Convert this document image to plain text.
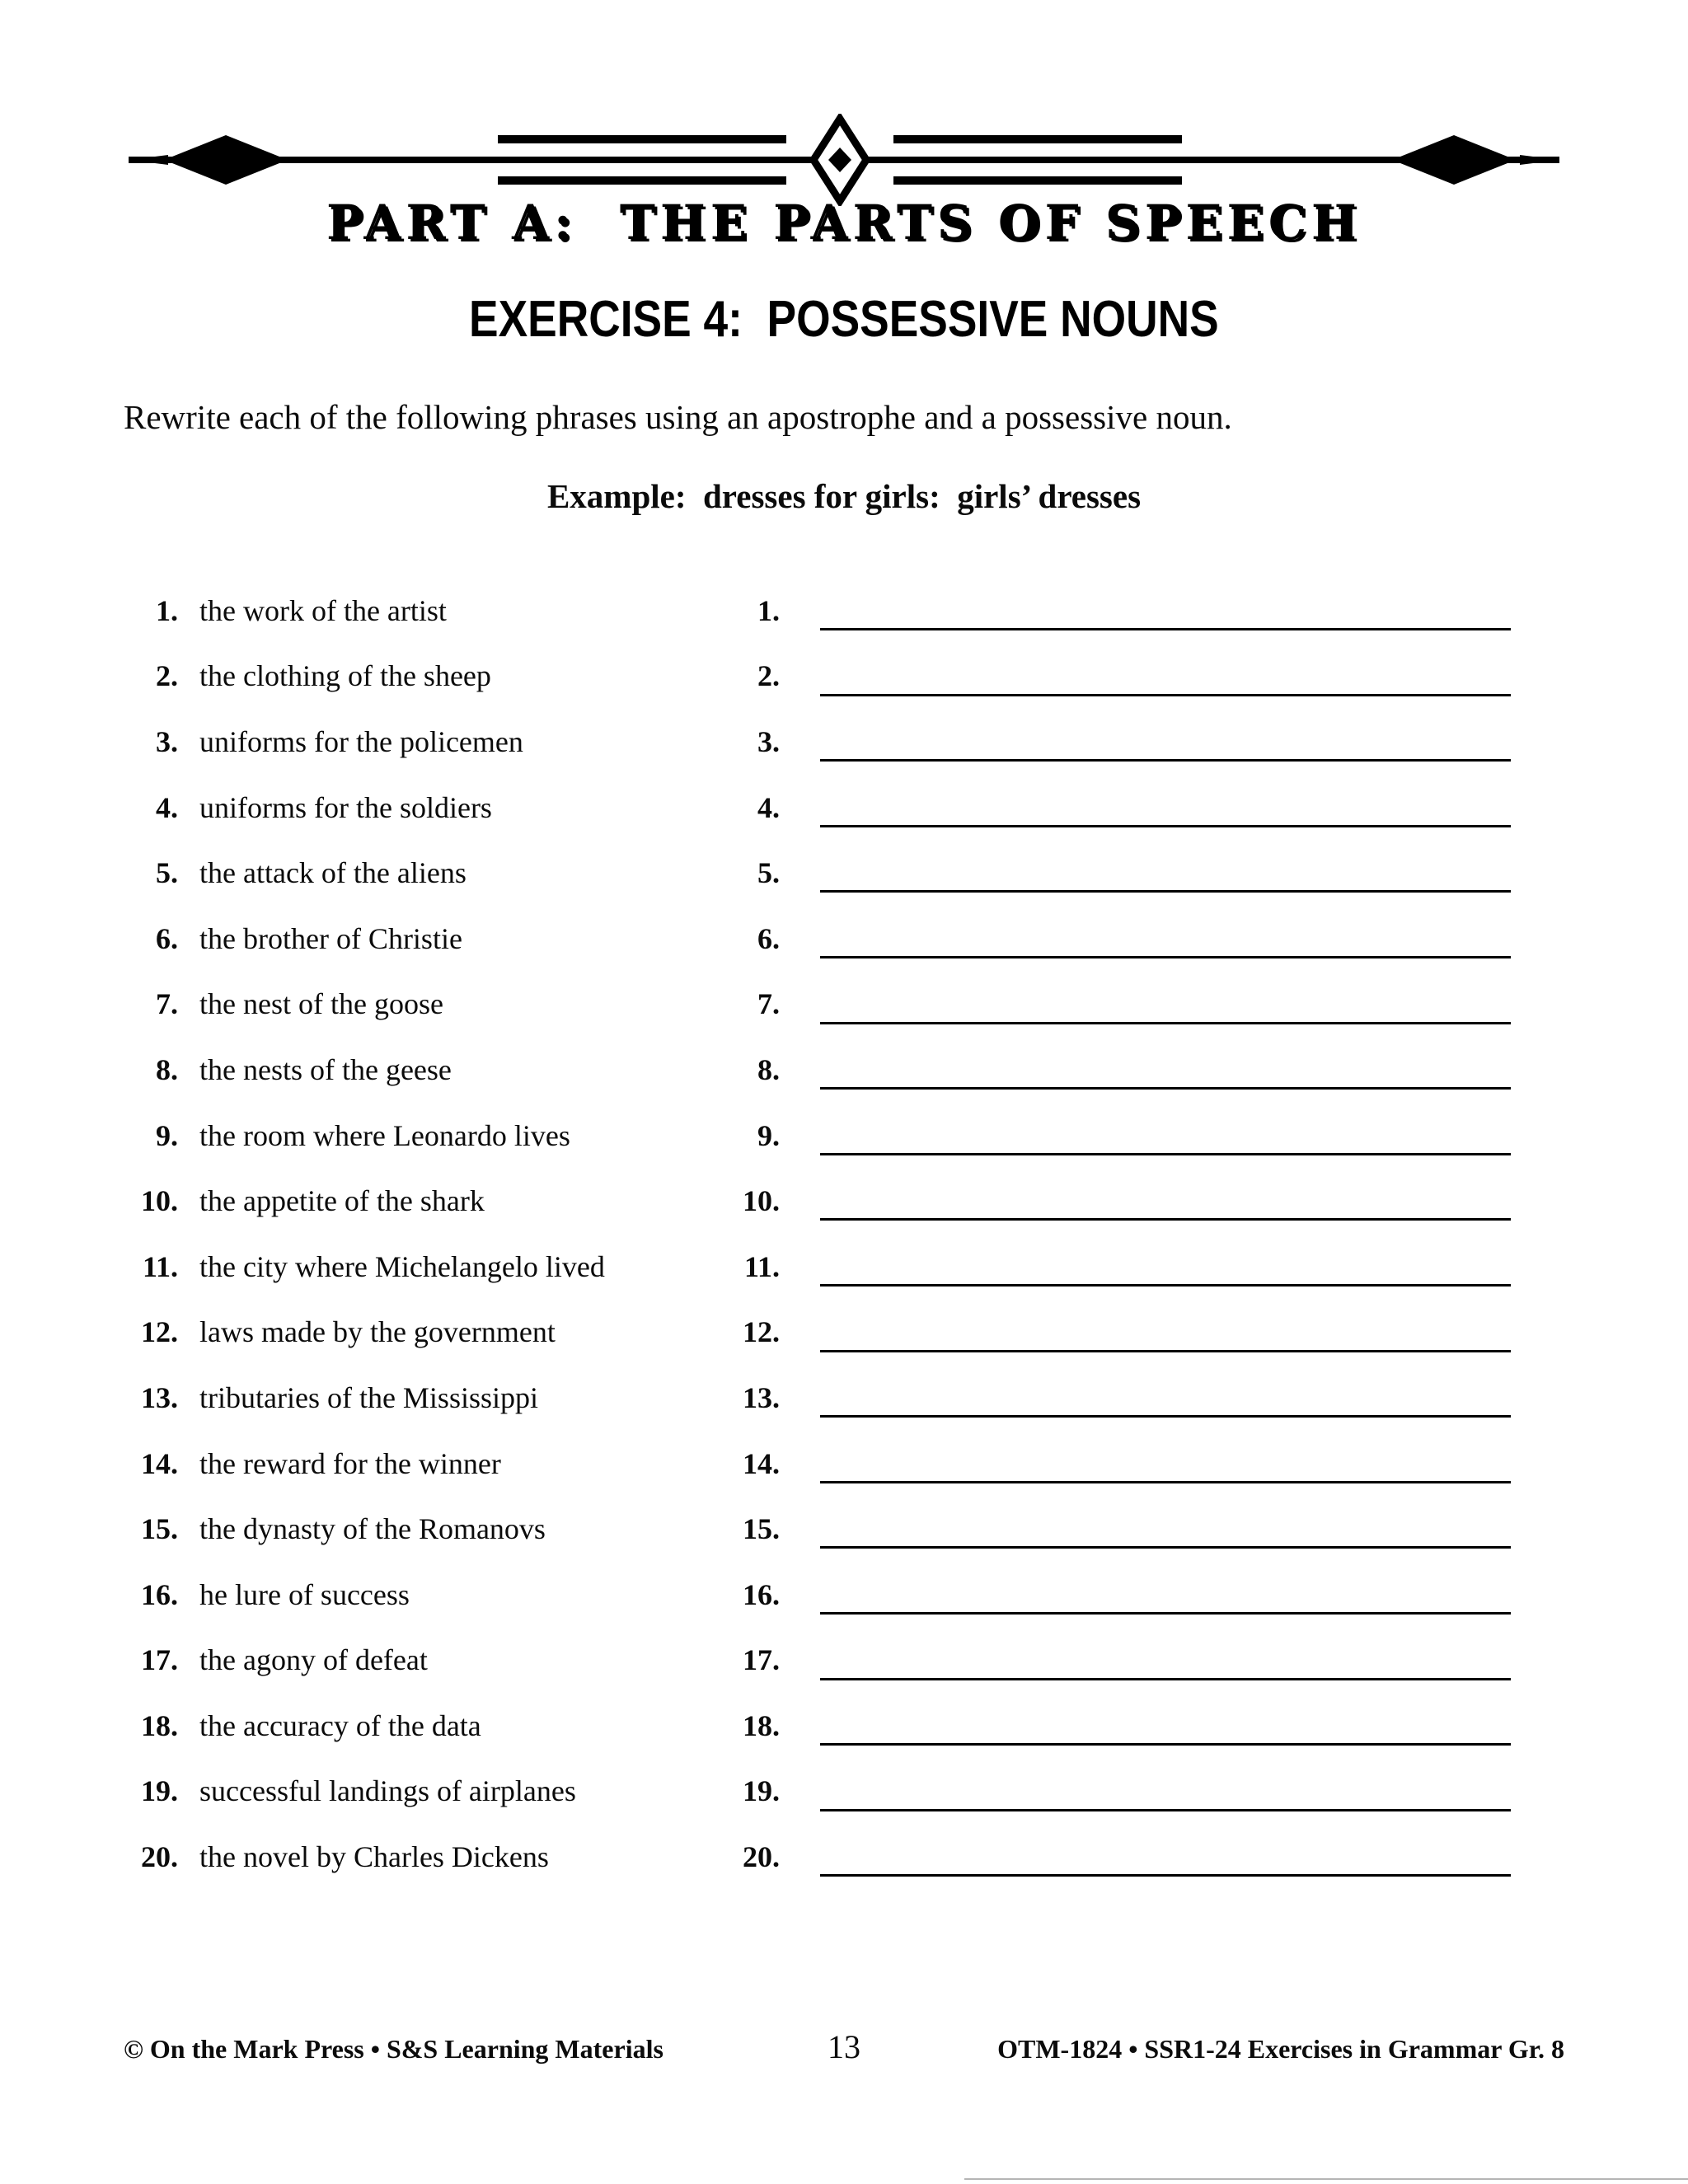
PART A:  THE PARTS OF SPEECH
EXERCISE 4:  POSSESSIVE NOUNS

Rewrite each of the following phrases using an apostrophe and a possessive noun.

Example:  dresses for girls:  girls’ dresses

1. the work of the artist	1.
2. the clothing of the sheep	2.
3. uniforms for the policemen	3.
4. uniforms for the soldiers	4.
5. the attack of the aliens	5.
6. the brother of Christie	6.
7. the nest of the goose	7.
8. the nests of the geese	8.
9. the room where Leonardo lives	9.
10. the appetite of the shark	10.
11. the city where Michelangelo lived	11.
12. laws made by the government	12.
13. tributaries of the Mississippi	13.
14. the reward for the winner	14.
15. the dynasty of the Romanovs	15.
16. he lure of success	16.
17. the agony of defeat	17.
18. the accuracy of the data	18.
19. successful landings of airplanes	19.
20. the novel by Charles Dickens	20.
© On the Mark Press • S&S Learning Materials	13	OTM-1824 • SSR1-24 Exercises in Grammar Gr. 8
